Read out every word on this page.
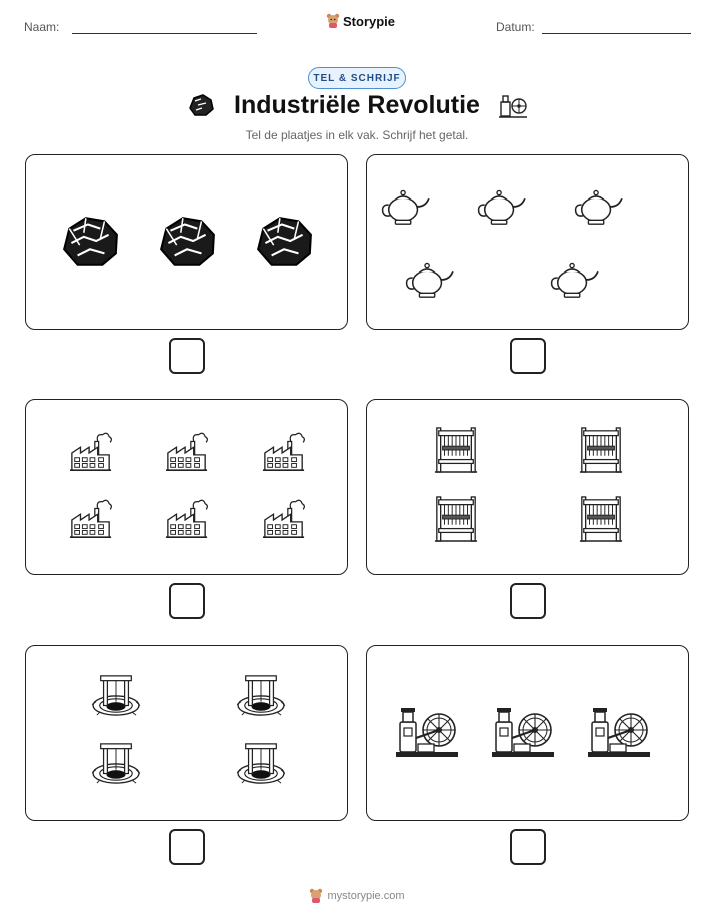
Naam:	Storypie	Datum:
TEL & SCHRIJF
Industriële Revolutie
Tel de plaatjes in elk vak. Schrijf het getal.
mystorypie.com
